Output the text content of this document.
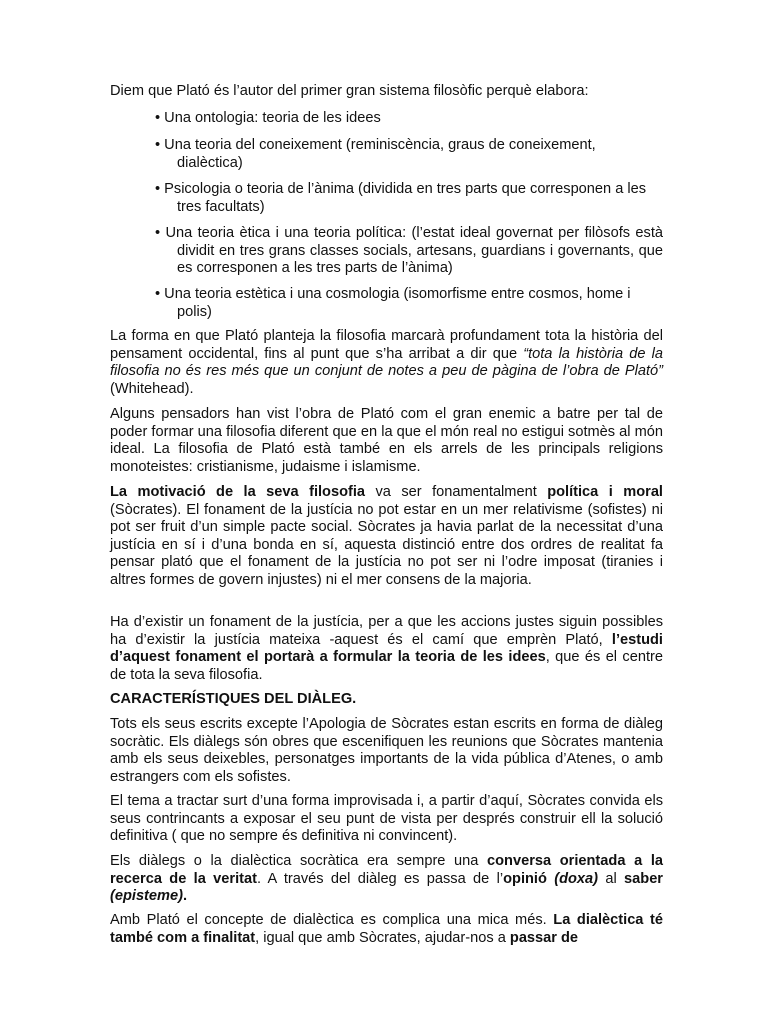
Diem que Plató és l’autor del primer gran sistema filosòfic perquè elabora:

• Una ontologia: teoria de les idees

• Una teoria del coneixement (reminiscència, graus de coneixement, dialèctica)

• Psicologia o teoria de l’ànima (dividida en tres parts que corresponen a les tres facultats)

• Una teoria ètica i una teoria política: (l’estat ideal governat per filòsofs està dividit en tres grans classes socials, artesans, guardians i governants, que es corresponen a les tres parts de l’ànima)

• Una teoria estètica i una cosmologia (isomorfisme entre cosmos, home i polis)

La forma en que Plató planteja la filosofia marcarà profundament tota la història del pensament occidental, fins al punt que s’ha arribat a dir que “tota la història de la filosofia no és res més que un conjunt de notes a peu de pàgina de l’obra de Plató” (Whitehead).

Alguns pensadors han vist l’obra de Plató com el gran enemic a batre per tal de poder formar una filosofia diferent que en la que el món real no estigui sotmès al món ideal. La filosofia de Plató està també en els arrels de les principals religions monoteistes: cristianisme, judaisme i islamisme.

La motivació de la seva filosofia va ser fonamentalment política i moral (Sòcrates). El fonament de la justícia no pot estar en un mer relativisme (sofistes) ni pot ser fruit d’un simple pacte social. Sòcrates ja havia parlat de la necessitat d’una justícia en sí i d’una bonda en sí, aquesta distinció entre dos ordres de realitat fa pensar plató que el fonament de la justícia no pot ser ni l’odre imposat (tiranies i altres formes de govern injustes) ni el mer consens de la majoria.

Ha d’existir un fonament de la justícia, per a que les accions justes siguin possibles ha d’existir la justícia mateixa -aquest és el camí que emprèn Plató, l’estudi d’aquest fonament el portarà a formular la teoria de les idees, que és el centre de tota la seva filosofia.

CARACTERÍSTIQUES DEL DIÀLEG.

Tots els seus escrits excepte l’Apologia de Sòcrates estan escrits en forma de diàleg socràtic. Els diàlegs són obres que escenifiquen les reunions que Sòcrates mantenia amb els seus deixebles, personatges importants de la vida pública d’Atenes, o amb estrangers com els sofistes.

El tema a tractar surt d’una forma improvisada i, a partir d’aquí, Sòcrates convida els seus contrincants a exposar el seu punt de vista per després construir ell la solució definitiva ( que no sempre és definitiva ni convincent).

Els diàlegs o la dialèctica socràtica era sempre una conversa orientada a la recerca de la veritat. A través del diàleg es passa de l’opinió (doxa) al saber (episteme).

Amb Plató el concepte de dialèctica es complica una mica més. La dialèctica té també com a finalitat, igual que amb Sòcrates, ajudar-nos a passar de
